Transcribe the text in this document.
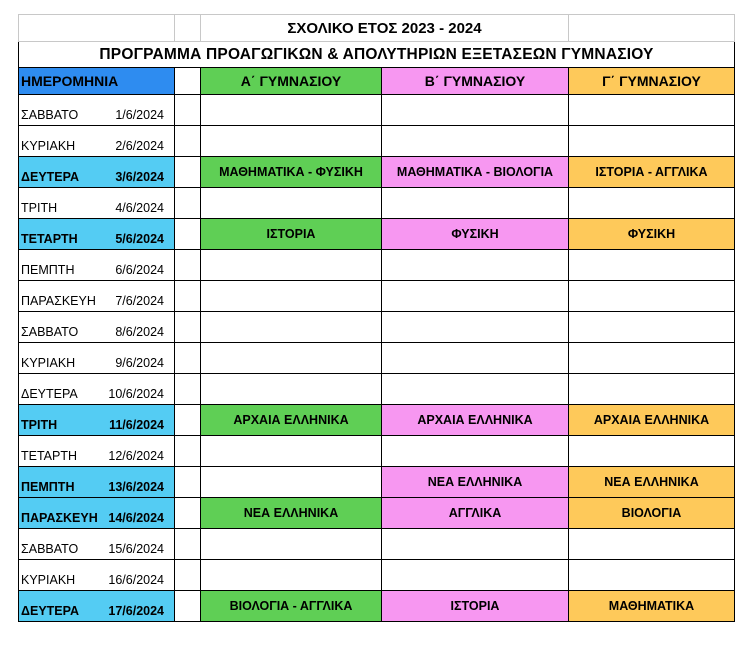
		ΣΧΟΛΙΚΟ ΕΤΟΣ 2023 - 2024		
ΠΡΟΓΡΑΜΜΑ ΠΡΟΑΓΩΓΙΚΩΝ & ΑΠΟΛΥΤΗΡΙΩΝ ΕΞΕΤΑΣΕΩΝ ΓΥΜΝΑΣΙΟΥ				
ΗΜΕΡΟΜΗΝΙΑ		Α΄ ΓΥΜΝΑΣΙΟΥ	Β΄ ΓΥΜΝΑΣΙΟΥ	Γ΄ ΓΥΜΝΑΣΙΟΥ
ΣΑΒΒΑΤΟ 1/6/2024				

ΚΥΡΙΑΚΗ 2/6/2024				

ΔΕΥΤΕΡΑ 3/6/2024		ΜΑΘΗΜΑΤΙΚΑ - ΦΥΣΙΚΗ	ΜΑΘΗΜΑΤΙΚΑ - ΒΙΟΛΟΓΙΑ	ΙΣΤΟΡΙΑ - ΑΓΓΛΙΚΑ
ΤΡΙΤΗ 4/6/2024				

ΤΕΤΑΡΤΗ 5/6/2024		ΙΣΤΟΡΙΑ	ΦΥΣΙΚΗ	ΦΥΣΙΚΗ
ΠΕΜΠΤΗ 6/6/2024				

ΠΑΡΑΣΚΕΥΗ 7/6/2024				

ΣΑΒΒΑΤΟ 8/6/2024				

ΚΥΡΙΑΚΗ 9/6/2024				

ΔΕΥΤΕΡΑ 10/6/2024				

ΤΡΙΤΗ 11/6/2024		ΑΡΧΑΙΑ ΕΛΛΗΝΙΚΑ	ΑΡΧΑΙΑ ΕΛΛΗΝΙΚΑ	ΑΡΧΑΙΑ ΕΛΛΗΝΙΚΑ
ΤΕΤΑΡΤΗ 12/6/2024				

ΠΕΜΠΤΗ 13/6/2024			ΝΕΑ ΕΛΛΗΝΙΚΑ	ΝΕΑ ΕΛΛΗΝΙΚΑ
ΠΑΡΑΣΚΕΥΗ 14/6/2024		ΝΕΑ ΕΛΛΗΝΙΚΑ	ΑΓΓΛΙΚΑ	ΒΙΟΛΟΓΙΑ
ΣΑΒΒΑΤΟ 15/6/2024				

ΚΥΡΙΑΚΗ 16/6/2024				

ΔΕΥΤΕΡΑ 17/6/2024		ΒΙΟΛΟΓΙΑ - ΑΓΓΛΙΚΑ	ΙΣΤΟΡΙΑ	ΜΑΘΗΜΑΤΙΚΑ
